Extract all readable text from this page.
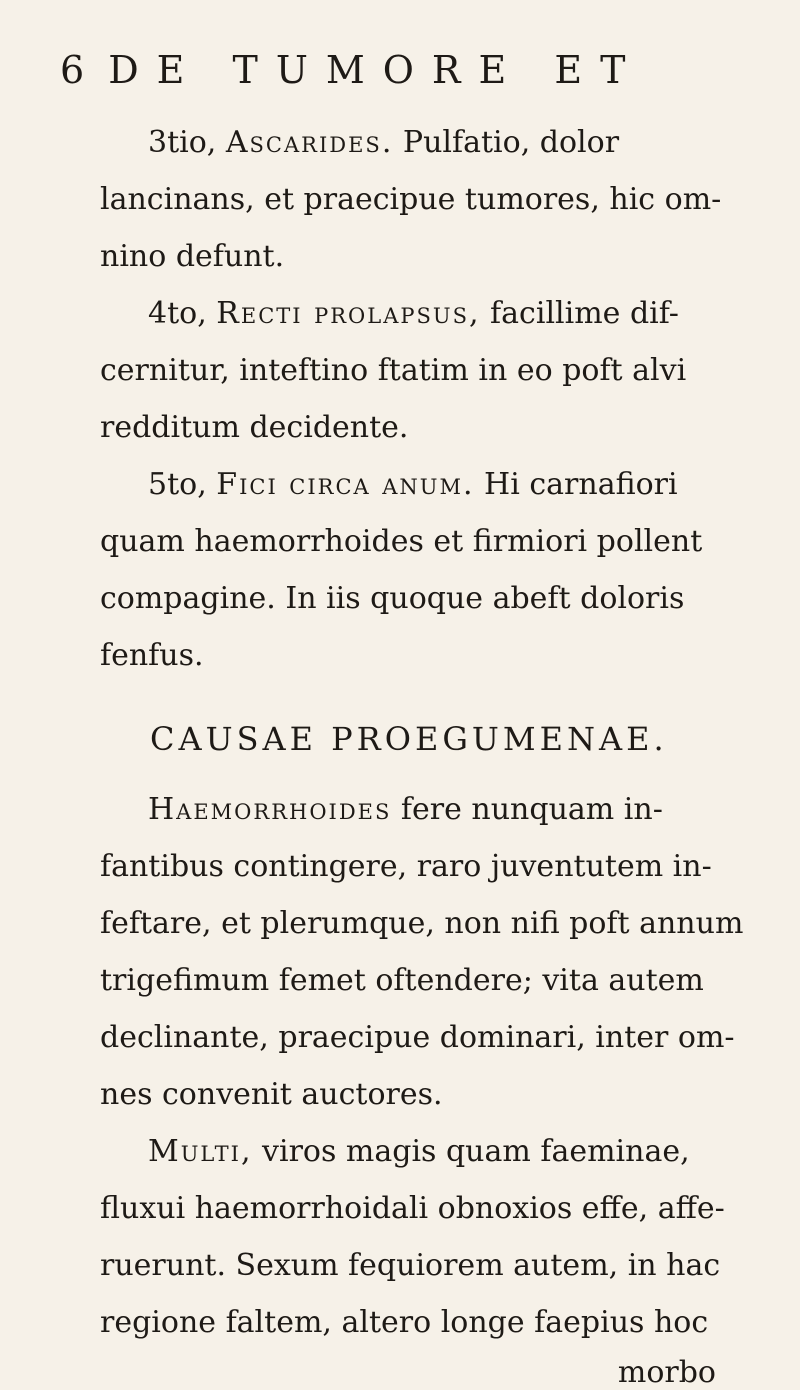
6 DE TUMORE ET
3tio, Ascarides. Pulfatio, dolor
lancinans, et praecipue tumores, hic om-
nino defunt.
4to, Recti prolapsus, facillime dif-
cernitur, inteftino ftatim in eo poft alvi
redditum decidente.
5to, Fici circa anum. Hi carnafiori
quam haemorrhoides et firmiori pollent
compagine. In iis quoque abeft doloris
fenfus.
CAUSAE PROEGUMENAE.
Haemorrhoides fere nunquam in-
fantibus contingere, raro juventutem in-
feftare, et plerumque, non nifi poft annum
trigefimum femet oftendere; vita autem
declinante, praecipue dominari, inter om-
nes convenit auctores.
Multi, viros magis quam faeminae,
fluxui haemorrhoidali obnoxios effe, affe-
ruerunt. Sexum fequiorem autem, in hac
regione faltem, altero longe faepius hoc
morbo
